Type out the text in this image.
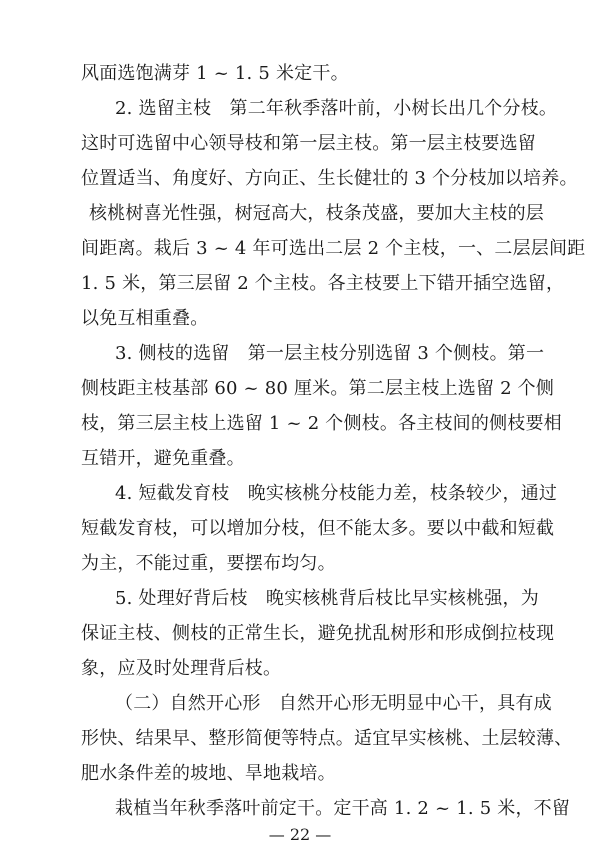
风面选饱满芽 1 ~ 1. 5 米定干。
2. 选留主枝　第二年秋季落叶前，小树长出几个分枝。
这时可选留中心领导枝和第一层主枝。第一层主枝要选留
位置适当、角度好、方向正、生长健壮的 3 个分枝加以培养。
核桃树喜光性强，树冠高大，枝条茂盛，要加大主枝的层
间距离。栽后 3 ~ 4 年可选出二层 2 个主枝，一、二层层间距
1. 5 米，第三层留 2 个主枝。各主枝要上下错开插空选留，
以免互相重叠。
3. 侧枝的选留　第一层主枝分别选留 3 个侧枝。第一
侧枝距主枝基部 60 ~ 80 厘米。第二层主枝上选留 2 个侧
枝，第三层主枝上选留 1 ~ 2 个侧枝。各主枝间的侧枝要相
互错开，避免重叠。
4. 短截发育枝　晚实核桃分枝能力差，枝条较少，通过
短截发育枝，可以增加分枝，但不能太多。要以中截和短截
为主，不能过重，要摆布均匀。
5. 处理好背后枝　晚实核桃背后枝比早实核桃强，为
保证主枝、侧枝的正常生长，避免扰乱树形和形成倒拉枝现
象，应及时处理背后枝。
（二）自然开心形　自然开心形无明显中心干，具有成
形快、结果早、整形简便等特点。适宜早实核桃、土层较薄、
肥水条件差的坡地、旱地栽培。
栽植当年秋季落叶前定干。定干高 1. 2 ~ 1. 5 米，不留
— 22 —
